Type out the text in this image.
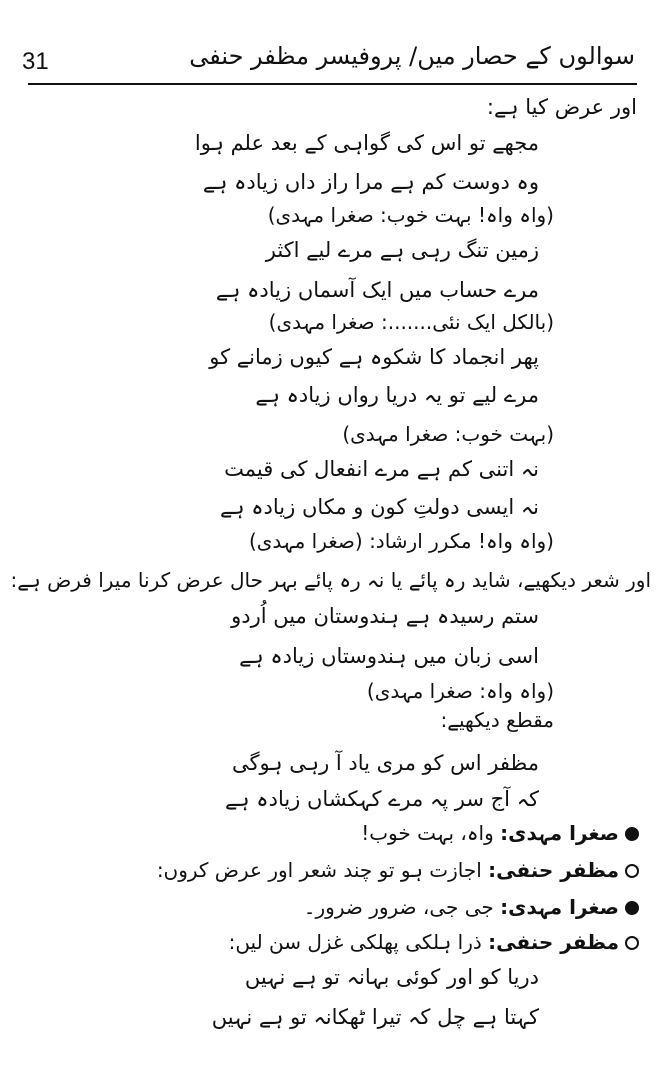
31	سوالوں کے حصار میں/ پروفیسر مظفر حنفی
اور عرض کیا ہے:
مجھے تو اس کی گواہی کے بعد علم ہوا
وہ دوست کم ہے مرا راز داں زیادہ ہے
(واہ واہ! بہت خوب: صغرا مہدی)
زمین تنگ رہی ہے مرے لیے اکثر
مرے حساب میں ایک آسماں زیادہ ہے
(بالکل ایک نئی.......: صغرا مہدی)
پھر انجماد کا شکوہ ہے کیوں زمانے کو
مرے لیے تو یہ دریا رواں زیادہ ہے
(بہت خوب: صغرا مہدی)
نہ اتنی کم ہے مرے انفعال کی قیمت
نہ ایسی دولتِ کون و مکاں زیادہ ہے
(واہ واہ! مکرر ارشاد: (صغرا مہدی)
اور شعر دیکھیے، شاید رہ پائے یا نہ رہ پائے بہر حال عرض کرنا میرا فرض ہے:
ستم رسیدہ ہے ہندوستان میں اُردو
اسی زبان میں ہندوستاں زیادہ ہے
(واہ واہ: صغرا مہدی)
مقطع دیکھیے:
مظفر اس کو مری یاد آ رہی ہوگی
کہ آج سر پہ مرے کہکشاں زیادہ ہے
صغرا مہدی: واہ، بہت خوب!
مظفر حنفی: اجازت ہو تو چند شعر اور عرض کروں:
صغرا مہدی: جی جی، ضرور ضرور۔
مظفر حنفی: ذرا ہلکی پھلکی غزل سن لیں:
دریا کو اور کوئی بہانہ تو ہے نہیں
کہتا ہے چل کہ تیرا ٹھکانہ تو ہے نہیں
